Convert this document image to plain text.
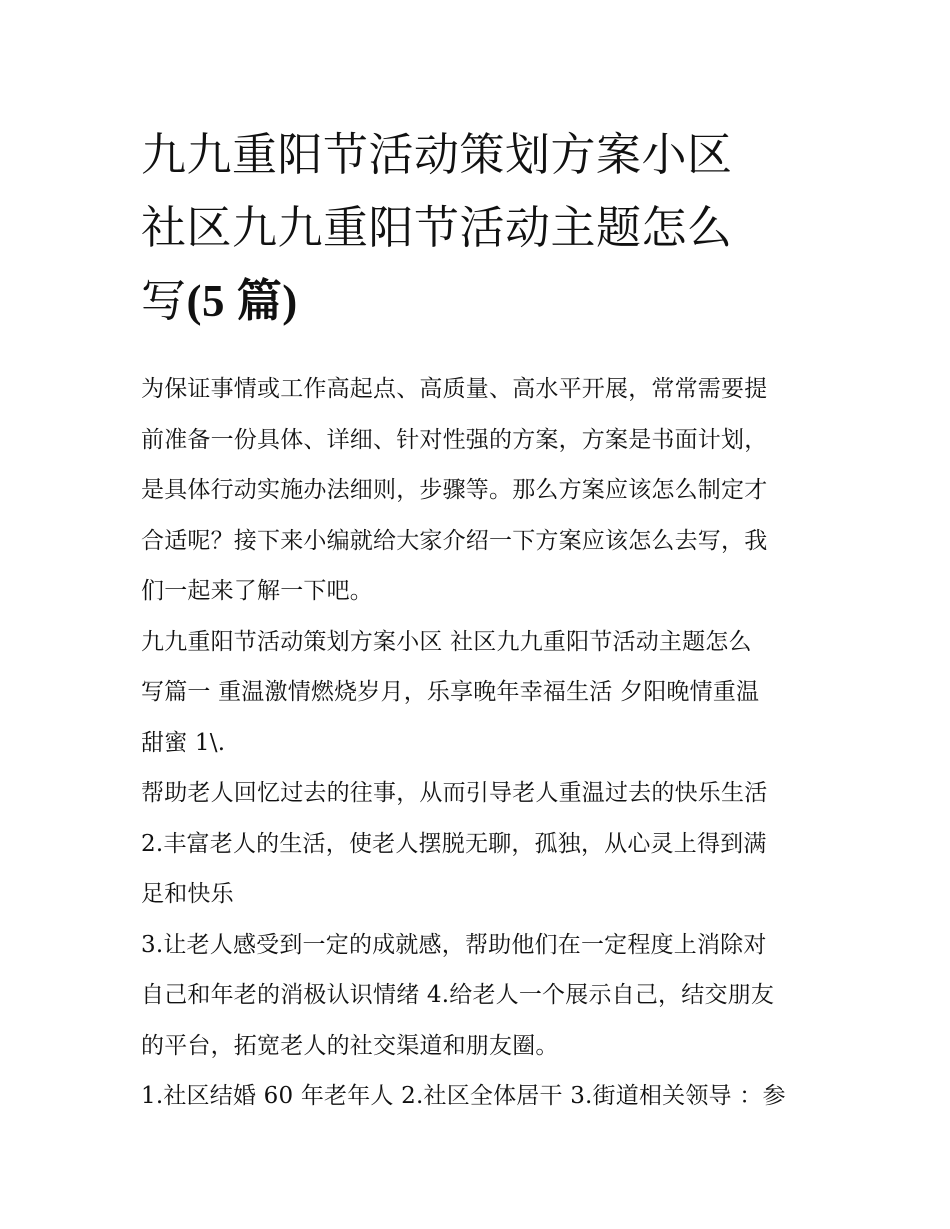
九九重阳节活动策划方案小区
社区九九重阳节活动主题怎么
写(5 篇)

为保证事情或工作高起点、高质量、高水平开展，常常需要提
前准备一份具体、详细、针对性强的方案，方案是书面计划，
是具体行动实施办法细则，步骤等。那么方案应该怎么制定才
合适呢？接下来小编就给大家介绍一下方案应该怎么去写，我
们一起来了解一下吧。

九九重阳节活动策划方案小区 社区九九重阳节活动主题怎么
写篇一 重温激情燃烧岁月，乐享晚年幸福生活 夕阳晚情重温
甜蜜 1\.

帮助老人回忆过去的往事，从而引导老人重温过去的快乐生活
2.丰富老人的生活，使老人摆脱无聊，孤独，从心灵上得到满
足和快乐

3.让老人感受到一定的成就感，帮助他们在一定程度上消除对
自己和年老的消极认识情绪 4.给老人一个展示自己，结交朋友
的平台，拓宽老人的社交渠道和朋友圈。

1.社区结婚 60 年老年人 2.社区全体居干 3.街道相关领导 ：参
